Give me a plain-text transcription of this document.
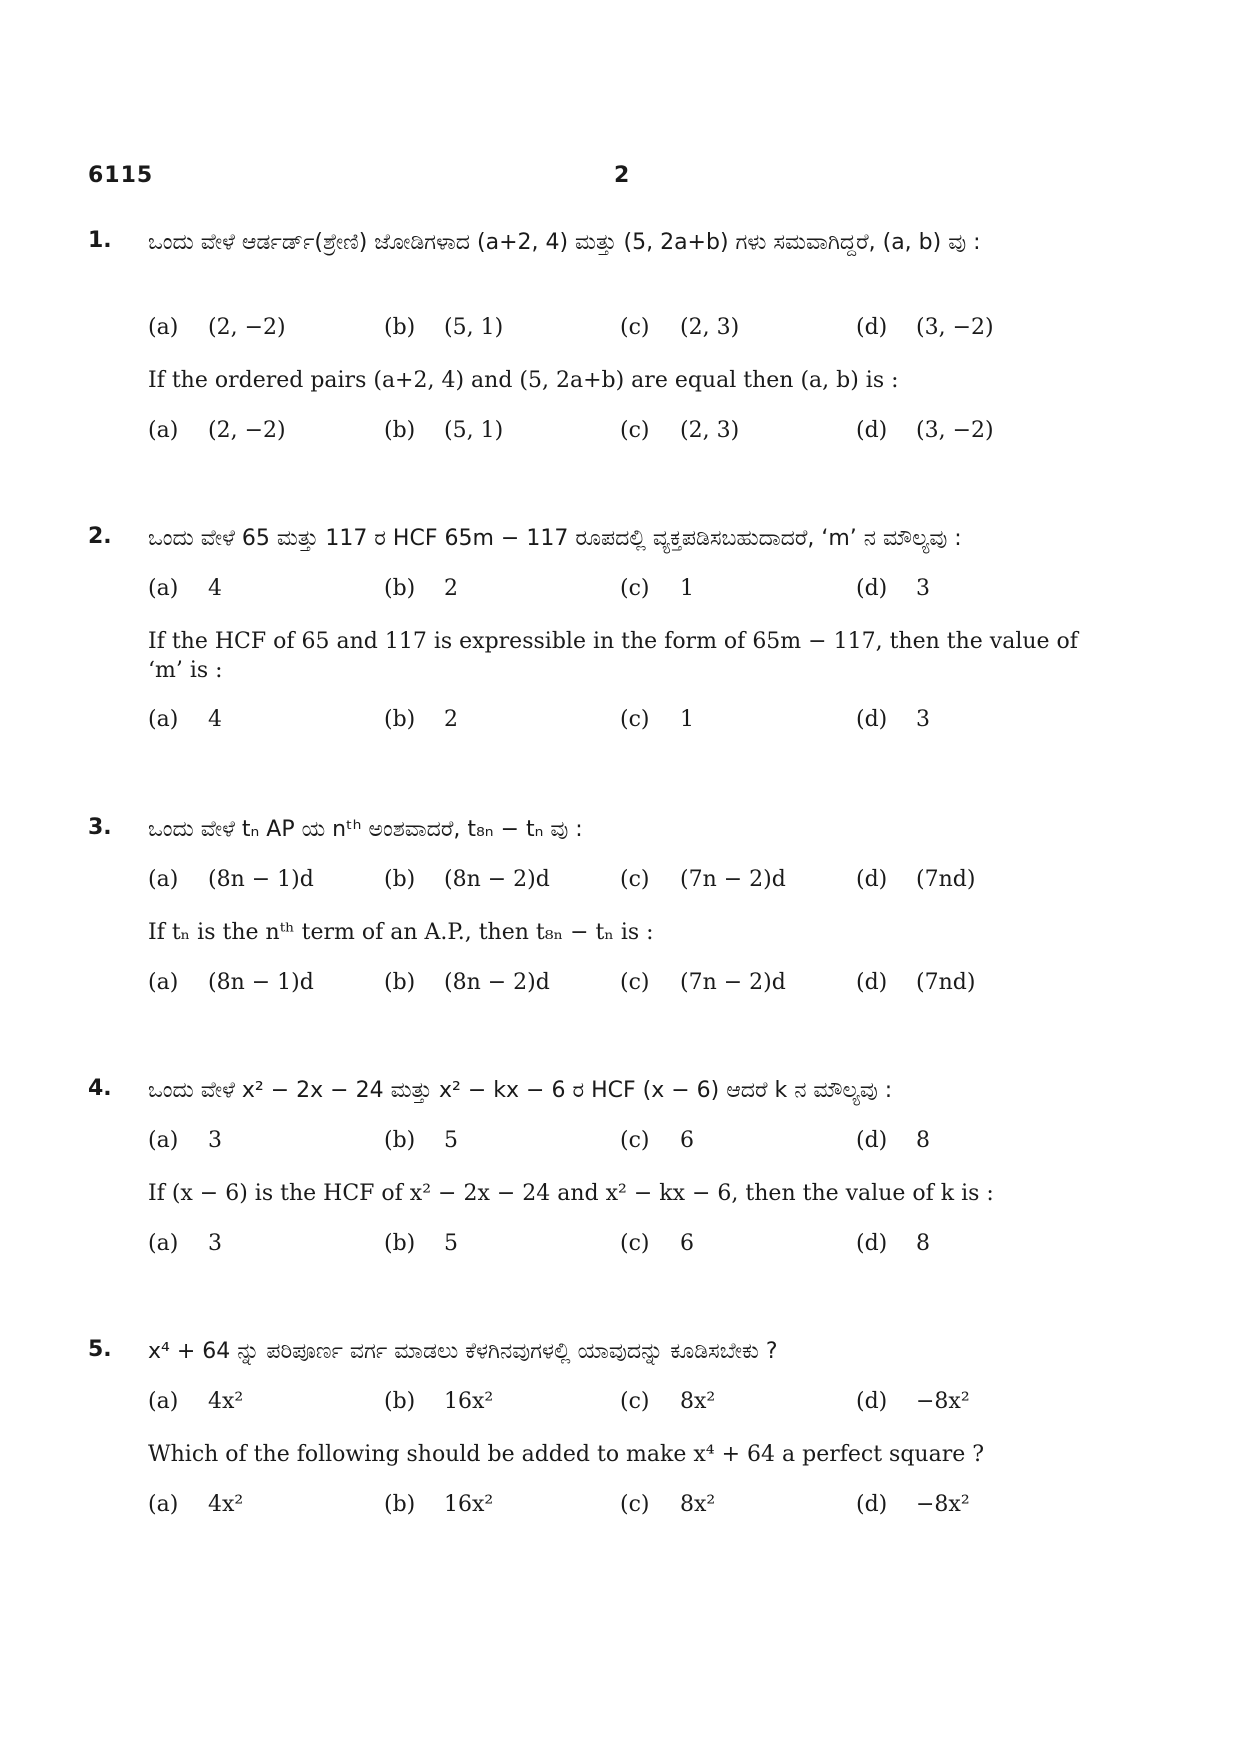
6115	2
1. ಒಂದು ವೇಳೆ ಆರ್ಡರ್ಡ್(ಶ್ರೇಣಿ) ಜೋಡಿಗಳಾದ (a+2, 4) ಮತ್ತು (5, 2a+b) ಗಳು ಸಮವಾಗಿದ್ದರೆ, (a, b) ವು :
(a) (2, −2)	(b) (5, 1)	(c) (2, 3)	(d) (3, −2)
If the ordered pairs (a+2, 4) and (5, 2a+b) are equal then (a, b) is :
(a) (2, −2)	(b) (5, 1)	(c) (2, 3)	(d) (3, −2)
2. ಒಂದು ವೇಳೆ 65 ಮತ್ತು 117 ರ HCF 65m − 117 ರೂಪದಲ್ಲಿ ವ್ಯಕ್ತಪಡಿಸಬಹುದಾದರೆ, ‘m’ ನ ಮೌಲ್ಯವು :
(a) 4	(b) 2	(c) 1	(d) 3
If the HCF of 65 and 117 is expressible in the form of 65m − 117, then the value of ‘m’ is :
(a) 4	(b) 2	(c) 1	(d) 3
3. ಒಂದು ವೇಳೆ tₙ AP ಯ nᵗʰ ಅಂಶವಾದರೆ, t₈ₙ − tₙ ವು :
(a) (8n − 1)d	(b) (8n − 2)d	(c) (7n − 2)d	(d) (7nd)
If tₙ is the nᵗʰ term of an A.P., then t₈ₙ − tₙ is :
(a) (8n − 1)d	(b) (8n − 2)d	(c) (7n − 2)d	(d) (7nd)
4. ಒಂದು ವೇಳೆ x² − 2x − 24 ಮತ್ತು x² − kx − 6 ರ HCF (x − 6) ಆದರೆ k ನ ಮೌಲ್ಯವು :
(a) 3	(b) 5	(c) 6	(d) 8
If (x − 6) is the HCF of x² − 2x − 24 and x² − kx − 6, then the value of k is :
(a) 3	(b) 5	(c) 6	(d) 8
5. x⁴ + 64 ನ್ನು ಪರಿಪೂರ್ಣ ವರ್ಗ ಮಾಡಲು ಕೆಳಗಿನವುಗಳಲ್ಲಿ ಯಾವುದನ್ನು ಕೂಡಿಸಬೇಕು ?
(a) 4x²	(b) 16x²	(c) 8x²	(d) −8x²
Which of the following should be added to make x⁴ + 64 a perfect square ?
(a) 4x²	(b) 16x²	(c) 8x²	(d) −8x²
